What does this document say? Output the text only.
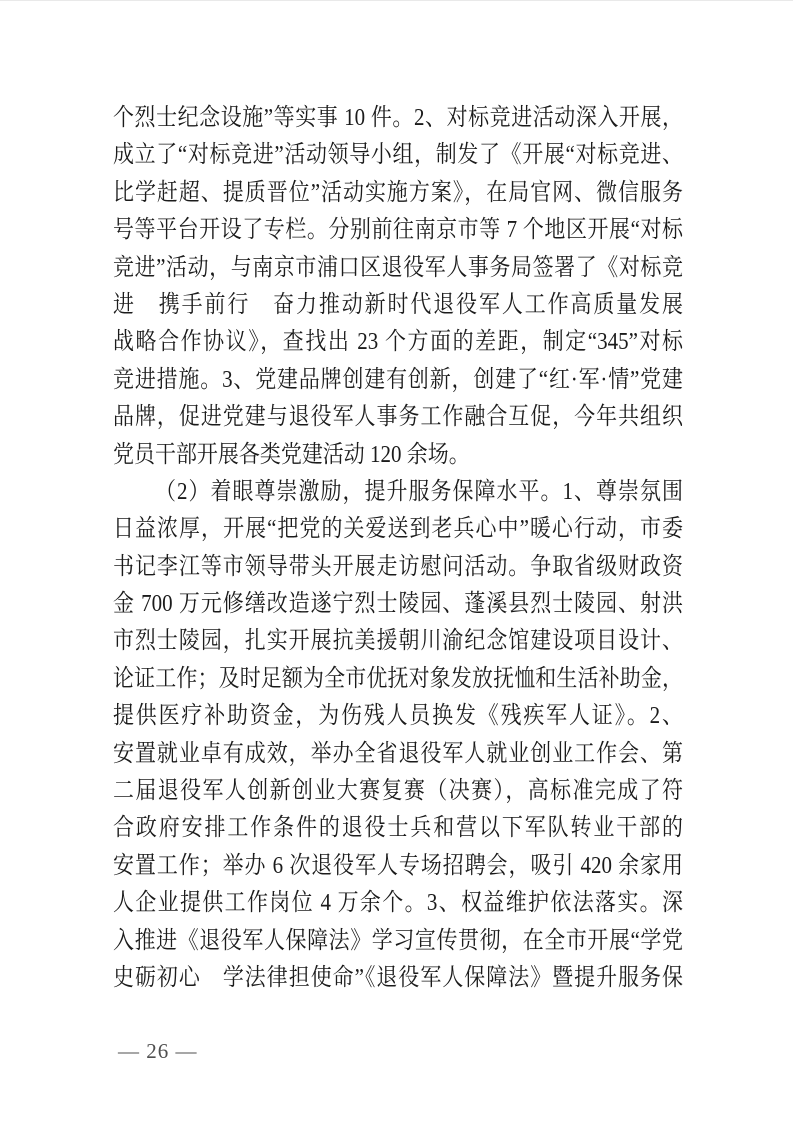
个烈士纪念设施”等实事 10 件。2、对标竞进活动深入开展，
成立了“对标竞进”活动领导小组，制发了《开展“对标竞进、
比学赶超、提质晋位”活动实施方案》，在局官网、微信服务
号等平台开设了专栏。分别前往南京市等 7 个地区开展“对标
竞进”活动，与南京市浦口区退役军人事务局签署了《对标竞
进　携手前行　奋力推动新时代退役军人工作高质量发展
战略合作协议》，查找出 23 个方面的差距，制定“345”对标
竞进措施。3、党建品牌创建有创新，创建了“红·军·情”党建
品牌，促进党建与退役军人事务工作融合互促，今年共组织
党员干部开展各类党建活动 120 余场。
（2）着眼尊崇激励，提升服务保障水平。1、尊崇氛围
日益浓厚，开展“把党的关爱送到老兵心中”暖心行动，市委
书记李江等市领导带头开展走访慰问活动。争取省级财政资
金 700 万元修缮改造遂宁烈士陵园、蓬溪县烈士陵园、射洪
市烈士陵园，扎实开展抗美援朝川渝纪念馆建设项目设计、
论证工作；及时足额为全市优抚对象发放抚恤和生活补助金，
提供医疗补助资金，为伤残人员换发《残疾军人证》。2、
安置就业卓有成效，举办全省退役军人就业创业工作会、第
二届退役军人创新创业大赛复赛（决赛），高标准完成了符
合政府安排工作条件的退役士兵和营以下军队转业干部的
安置工作；举办 6 次退役军人专场招聘会，吸引 420 余家用
人企业提供工作岗位 4 万余个。3、权益维护依法落实。深
入推进《退役军人保障法》学习宣传贯彻，在全市开展“学党
史砺初心　学法律担使命”《退役军人保障法》暨提升服务保
— 26 —
